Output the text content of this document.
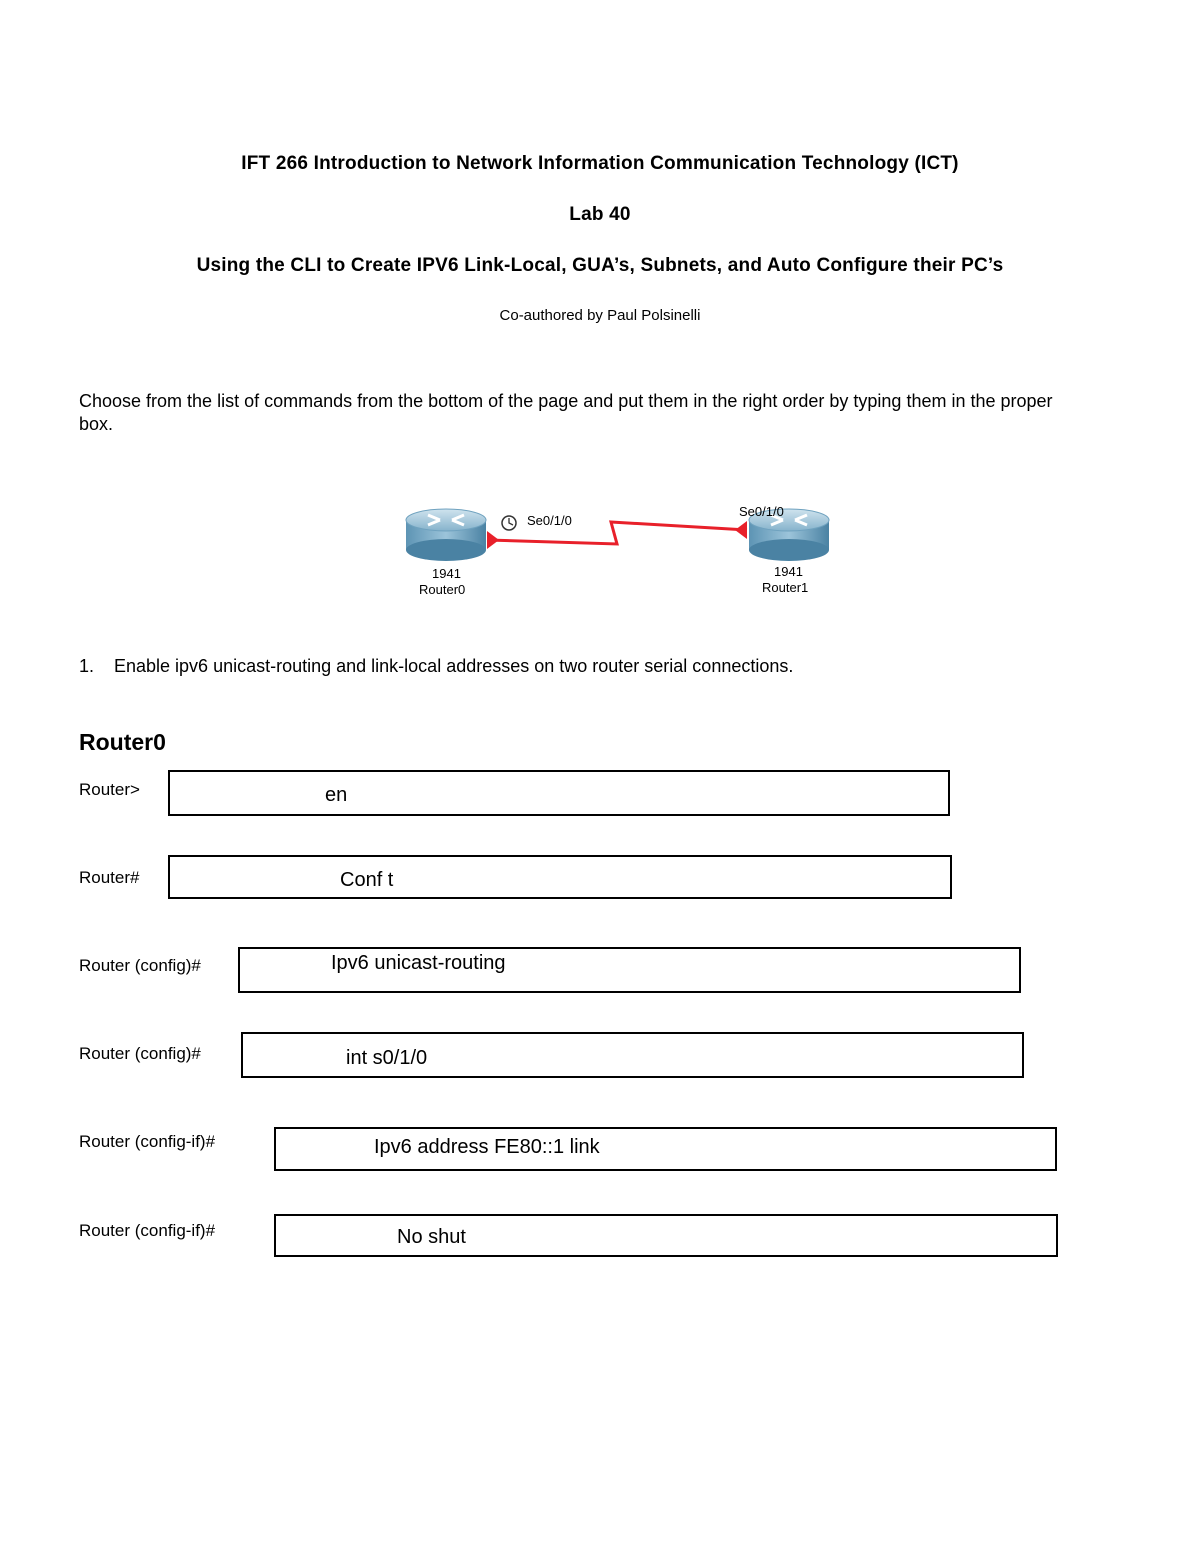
IFT 266 Introduction to Network Information Communication Technology (ICT)
Lab 40
Using the CLI to Create IPV6 Link-Local, GUA’s, Subnets, and Auto Configure their PC’s
Co-authored by Paul Polsinelli
Choose from the list of commands from the bottom of the page and put them in the right order by typing them in the proper box.
Se0/1/0
Se0/1/0
1941
Router0
1941
Router1
1. Enable ipv6 unicast-routing and link-local addresses on two router serial connections.
Router0
Router>	en
Router#	Conf t
Router (config)#	Ipv6 unicast-routing
Router (config)#	int s0/1/0
Router (config-if)#	Ipv6 address FE80::1 link
Router (config-if)#	No shut
